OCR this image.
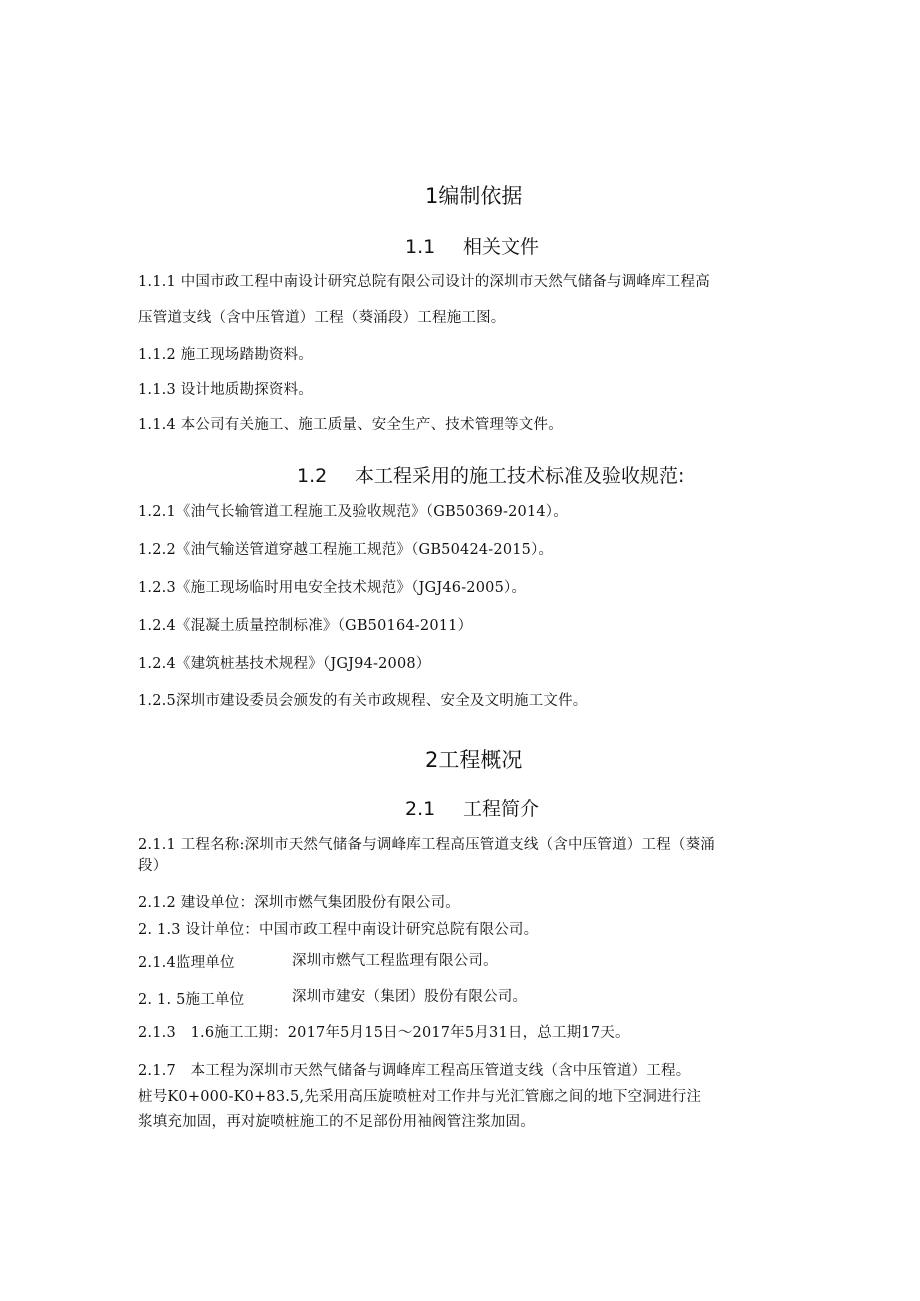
1编制依据
1.1 相关文件
1.1.1 中国市政工程中南设计研究总院有限公司设计的深圳市天然气储备与调峰库工程高
压管道支线（含中压管道）工程（葵涌段）工程施工图。
1.1.2 施工现场踏勘资料。
1.1.3 设计地质勘探资料。
1.1.4 本公司有关施工、施工质量、安全生产、技术管理等文件。
1.2 本工程采用的施工技术标准及验收规范:
1.2.1《油气长输管道工程施工及验收规范》（GB50369-2014）。
1.2.2《油气输送管道穿越工程施工规范》（GB50424-2015）。
1.2.3《施工现场临时用电安全技术规范》（JGJ46-2005）。
1.2.4《混凝土质量控制标准》（GB50164-2011）
1.2.4《建筑桩基技术规程》（JGJ94-2008）
1.2.5深圳市建设委员会颁发的有关市政规程、安全及文明施工文件。
2工程概况
2.1 工程简介
2.1.1 工程名称:深圳市天然气储备与调峰库工程高压管道支线（含中压管道）工程（葵涌
段）
2.1.2 建设单位：深圳市燃气集团股份有限公司。
2. 1.3 设计单位：中国市政工程中南设计研究总院有限公司。
2.1.4监理单位	深圳市燃气工程监理有限公司。
2. 1. 5施工单位	深圳市建安（集团）股份有限公司。
2.1.3　1.6施工工期：2017年5月15日～2017年5月31日，总工期17天。
2.1.7　本工程为深圳市天然气储备与调峰库工程高压管道支线（含中压管道）工程。
桩号K0+000-K0+83.5,先采用高压旋喷桩对工作井与光汇管廊之间的地下空洞进行注
浆填充加固，再对旋喷桩施工的不足部份用袖阀管注浆加固。
